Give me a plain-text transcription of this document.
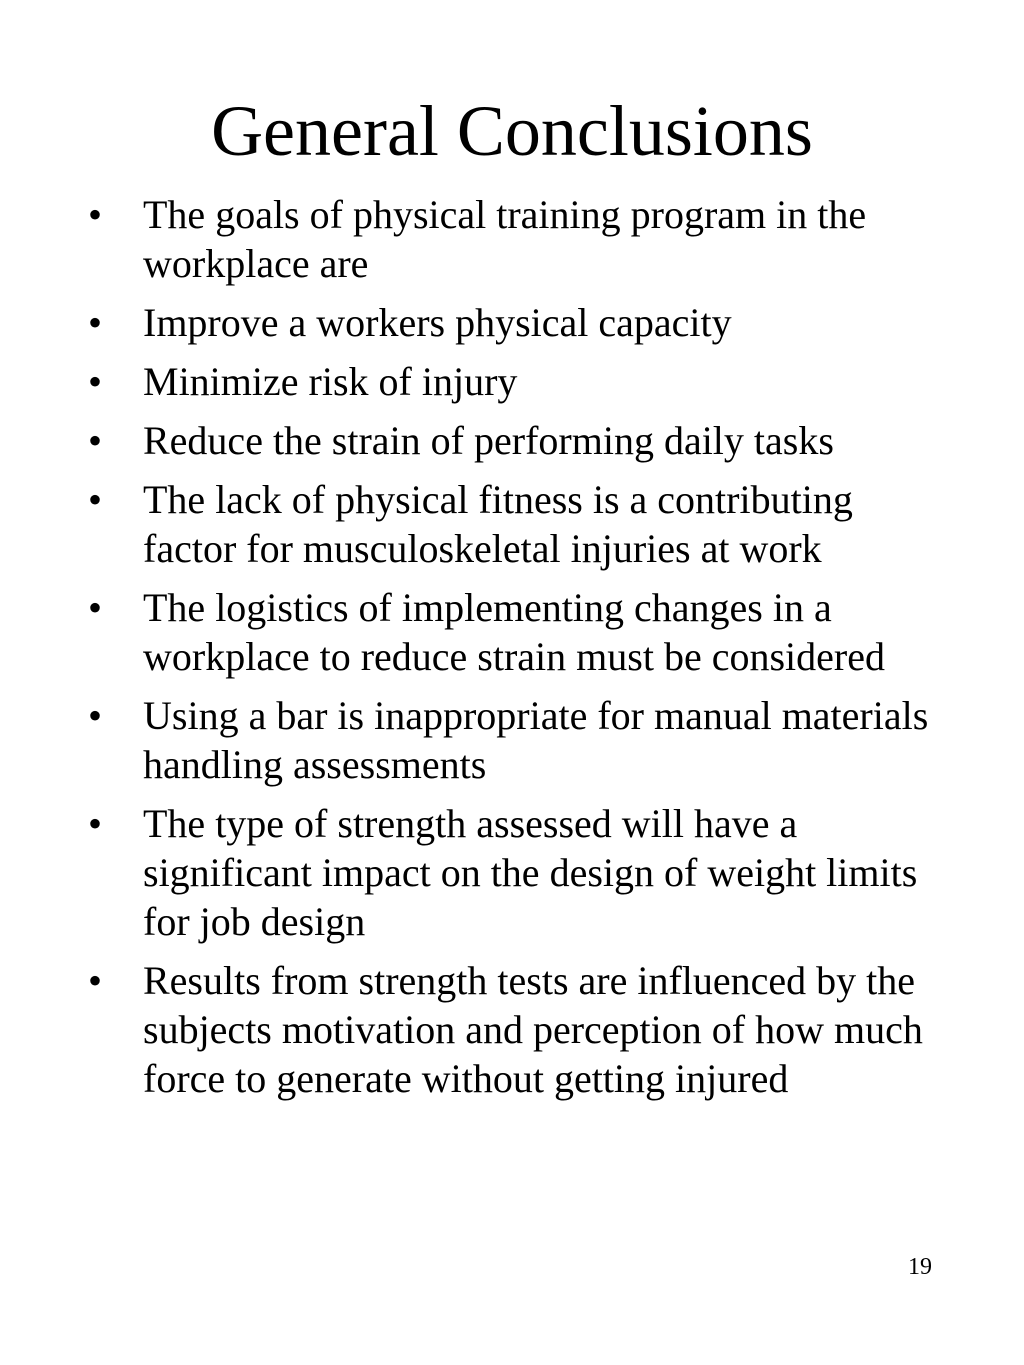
General Conclusions
•	The goals of physical training program in the workplace are
•	Improve a workers physical capacity
•	Minimize risk of injury
•	Reduce the strain of performing daily tasks
•	The lack of physical fitness is a contributing factor for musculoskeletal injuries at work
•	The logistics of implementing changes in a workplace to reduce strain must be considered
•	Using a bar is inappropriate for manual materials handling assessments
•	The type of strength assessed will have a significant impact on the design of weight limits for job design
•	Results from strength tests are influenced by the subjects motivation and perception of how much force to generate without getting injured
19
